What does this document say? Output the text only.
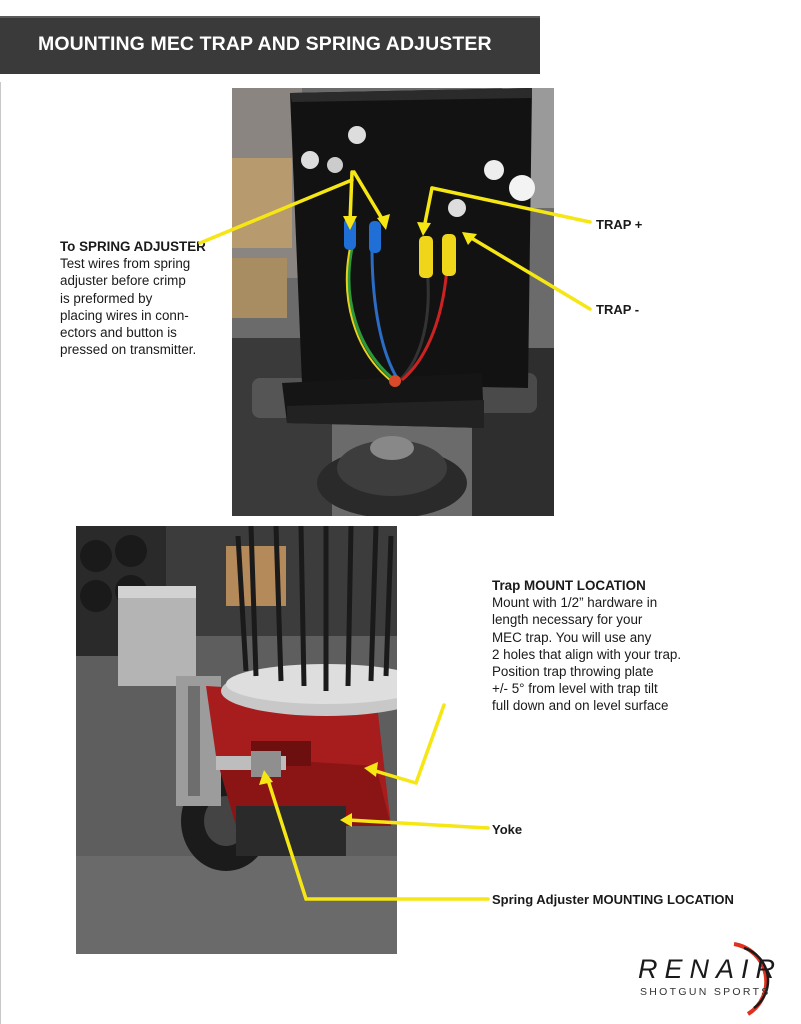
MOUNTING MEC TRAP AND SPRING ADJUSTER
To SPRING ADJUSTER
Test wires from spring
adjuster before crimp
is preformed by
placing wires in conn-
ectors and button is
pressed on transmitter.
TRAP +
TRAP -
Trap MOUNT LOCATION
Mount with 1/2” hardware in
length necessary for your
MEC trap. You will use any
2 holes that align with your trap.
Position trap throwing plate
+/- 5° from level with trap tilt
full down and on level surface
Yoke
Spring Adjuster MOUNTING LOCATION
RENAIR
SHOTGUN SPORTS
